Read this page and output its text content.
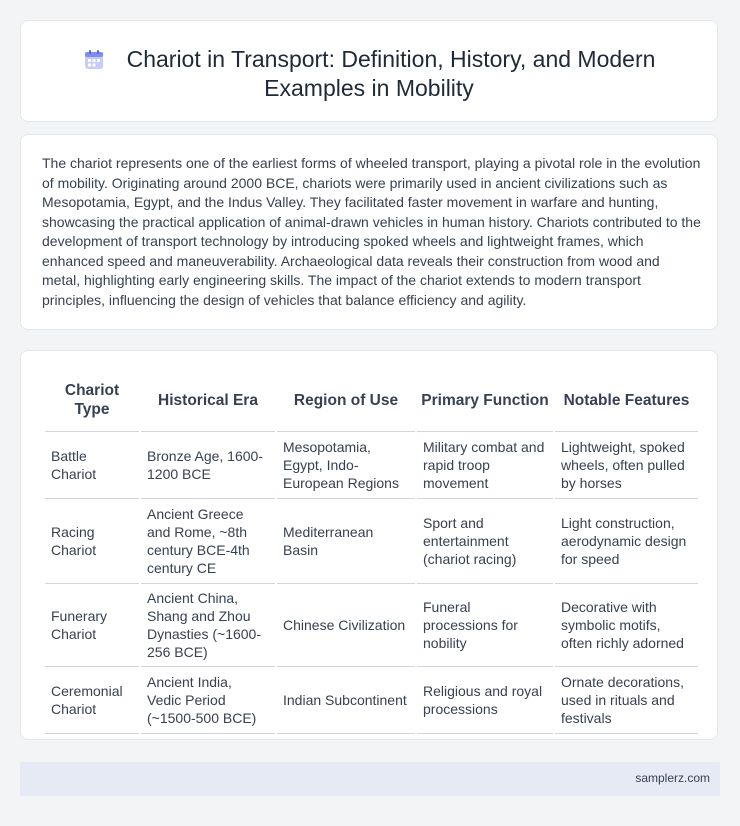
Chariot in Transport: Definition, History, and Modern Examples in Mobility

The chariot represents one of the earliest forms of wheeled transport, playing a pivotal role in the evolution of mobility. Originating around 2000 BCE, chariots were primarily used in ancient civilizations such as Mesopotamia, Egypt, and the Indus Valley. They facilitated faster movement in warfare and hunting, showcasing the practical application of animal-drawn vehicles in human history. Chariots contributed to the development of transport technology by introducing spoked wheels and lightweight frames, which enhanced speed and maneuverability. Archaeological data reveals their construction from wood and metal, highlighting early engineering skills. The impact of the chariot extends to modern transport principles, influencing the design of vehicles that balance efficiency and agility.

Chariot Type	Historical Era	Region of Use	Primary Function	Notable Features
Battle Chariot	Bronze Age, 1600-1200 BCE	Mesopotamia, Egypt, Indo-European Regions	Military combat and rapid troop movement	Lightweight, spoked wheels, often pulled by horses
Racing Chariot	Ancient Greece and Rome, ~8th century BCE-4th century CE	Mediterranean Basin	Sport and entertainment (chariot racing)	Light construction, aerodynamic design for speed
Funerary Chariot	Ancient China, Shang and Zhou Dynasties (~1600-256 BCE)	Chinese Civilization	Funeral processions for nobility	Decorative with symbolic motifs, often richly adorned
Ceremonial Chariot	Ancient India, Vedic Period (~1500-500 BCE)	Indian Subcontinent	Religious and royal processions	Ornate decorations, used in rituals and festivals
samplerz.com
